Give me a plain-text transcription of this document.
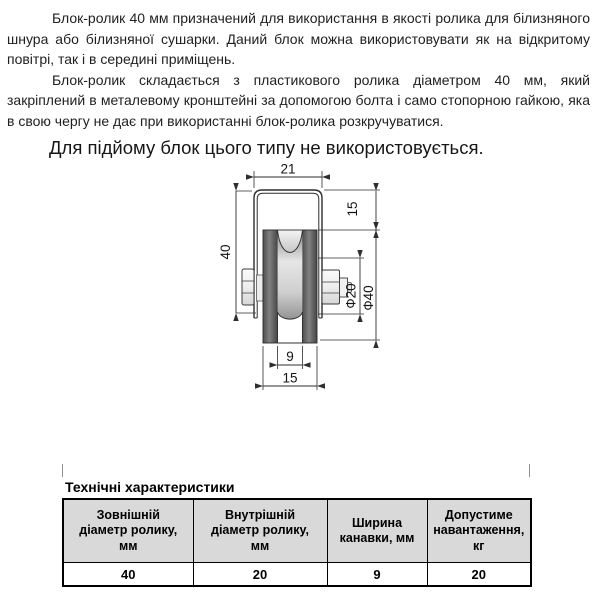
Блок-ролик 40 мм призначений для використання в якості ролика для білизняного шнура або білизняної сушарки. Даний блок можна використовувати як на відкритому повітрі, так і в середині приміщень.

Блок-ролик складається з пластикового ролика діаметром 40 мм, який закріплений в металевому кронштейні за допомогою болта і само стопорною гайкою, яка в свою чергу не дає при використанні блок-ролика розкручуватися.

Для підйому блок цього типу не використовується.
21
40
15
Ф20 Ф40
9
15
Технічні характеристики
Зовнішній
діаметр ролику,
мм	Внутрішній
діаметр ролику,
мм	Ширина
канавки, мм	Допустиме
навантаження,
кг

40	20	9	20
